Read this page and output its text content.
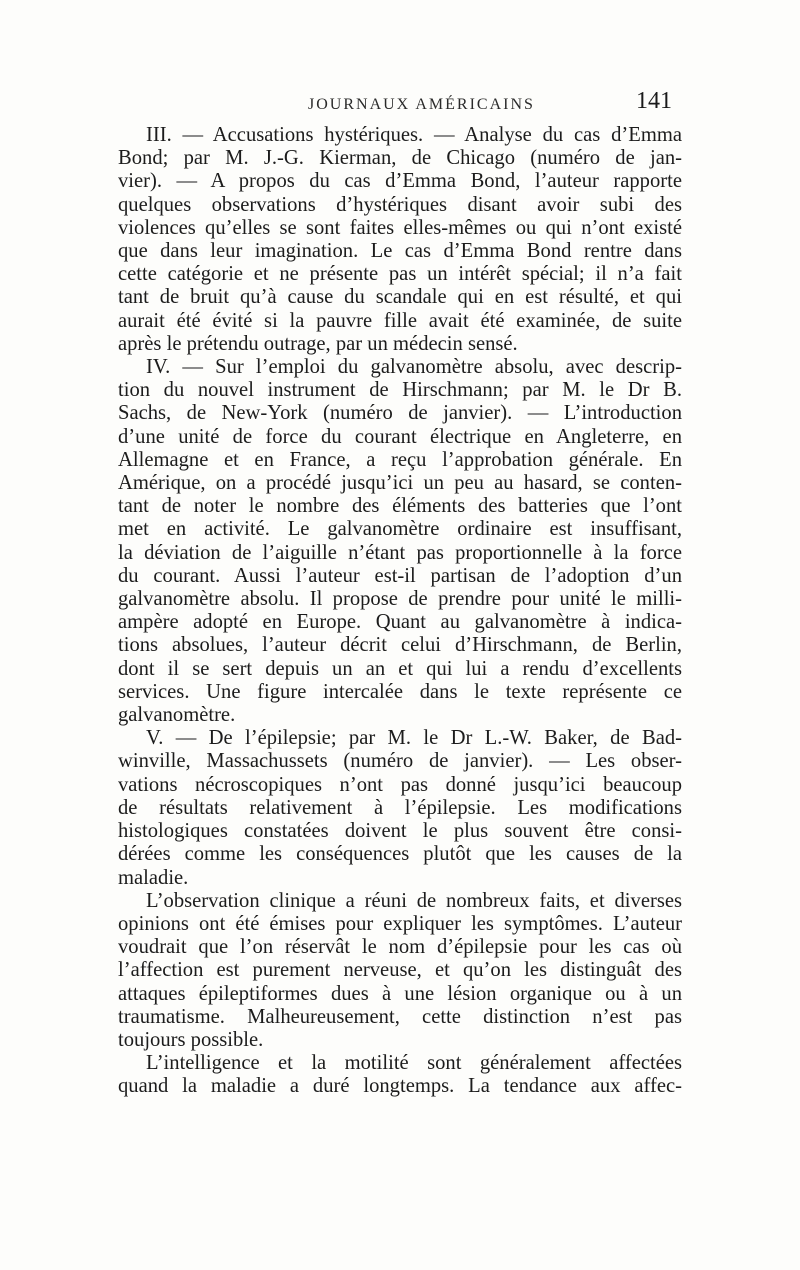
JOURNAUX AMÉRICAINS	141

III. — Accusations hystériques. — Analyse du cas d’Emma
Bond; par M. J.-G. Kierman, de Chicago (numéro de jan-
vier). — A propos du cas d’Emma Bond, l’auteur rapporte
quelques observations d’hystériques disant avoir subi des
violences qu’elles se sont faites elles-mêmes ou qui n’ont existé
que dans leur imagination. Le cas d’Emma Bond rentre dans
cette catégorie et ne présente pas un intérêt spécial; il n’a fait
tant de bruit qu’à cause du scandale qui en est résulté, et qui
aurait été évité si la pauvre fille avait été examinée, de suite
après le prétendu outrage, par un médecin sensé.

IV. — Sur l’emploi du galvanomètre absolu, avec descrip-
tion du nouvel instrument de Hirschmann; par M. le Dr B.
Sachs, de New-York (numéro de janvier). — L’introduction
d’une unité de force du courant électrique en Angleterre, en
Allemagne et en France, a reçu l’approbation générale. En
Amérique, on a procédé jusqu’ici un peu au hasard, se conten-
tant de noter le nombre des éléments des batteries que l’ont
met en activité. Le galvanomètre ordinaire est insuffisant,
la déviation de l’aiguille n’étant pas proportionnelle à la force
du courant. Aussi l’auteur est-il partisan de l’adoption d’un
galvanomètre absolu. Il propose de prendre pour unité le milli-
ampère adopté en Europe. Quant au galvanomètre à indica-
tions absolues, l’auteur décrit celui d’Hirschmann, de Berlin,
dont il se sert depuis un an et qui lui a rendu d’excellents
services. Une figure intercalée dans le texte représente ce
galvanomètre.

V. — De l’épilepsie; par M. le Dr L.-W. Baker, de Bad-
winville, Massachussets (numéro de janvier). — Les obser-
vations nécroscopiques n’ont pas donné jusqu’ici beaucoup
de résultats relativement à l’épilepsie. Les modifications
histologiques constatées doivent le plus souvent être consi-
dérées comme les conséquences plutôt que les causes de la
maladie.

L’observation clinique a réuni de nombreux faits, et diverses
opinions ont été émises pour expliquer les symptômes. L’auteur
voudrait que l’on réservât le nom d’épilepsie pour les cas où
l’affection est purement nerveuse, et qu’on les distinguât des
attaques épileptiformes dues à une lésion organique ou à un
traumatisme. Malheureusement, cette distinction n’est pas
toujours possible.

L’intelligence et la motilité sont généralement affectées
quand la maladie a duré longtemps. La tendance aux affec-
